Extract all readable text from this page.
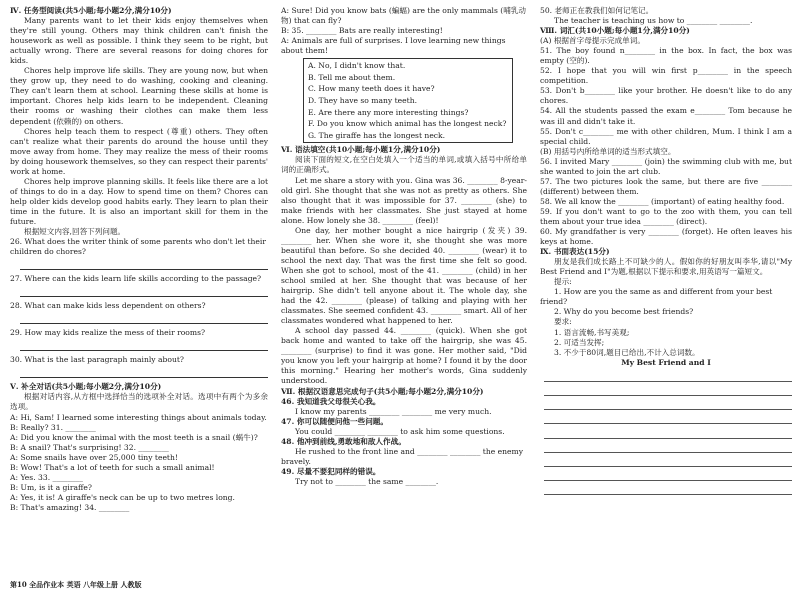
Ⅳ. 任务型阅读(共5小题;每小题2分,满分10分)

Many parents want to let their kids enjoy themselves when they're still young. Others may think children can't finish the housework as well as possible. I think they seem to be right, but actually wrong. There are several reasons for doing chores for kids.

Chores help improve life skills. They are young now, but when they grow up, they need to do washing, cooking and cleaning. They can't learn them at school. Learning these skills at home is important. Chores help kids learn to be independent. Cleaning their rooms or washing their clothes can make them less dependent (依赖的) on others.

Chores help teach them to respect (尊重) others. They often can't realize what their parents do around the house until they move away from home. They may realize the mess of their rooms by doing housework themselves, so they can respect their parents' work at home.

Chores help improve planning skills. It feels like there are a lot of things to do in a day. How to spend time on them? Chores can help older kids develop good habits early. They learn to plan their time in the future. It is also an important skill for them in the future.

根据短文内容,回答下列问题。

26. What does the writer think of some parents who don't let their children do chores?

27. Where can the kids learn life skills according to the passage?

28. What can make kids less dependent on others?

29. How may kids realize the mess of their rooms?

30. What is the last paragraph mainly about?

Ⅴ. 补全对话(共5小题;每小题2分,满分10分)

根据对话内容,从方框中选择恰当的选项补全对话。选项中有两个为多余选项。

A: Hi, Sam! I learned some interesting things about animals today.

B: Really? 31. ________

A: Did you know the animal with the most teeth is a snail (蜗牛)?

B: A snail? That's surprising! 32. ________

A: Some snails have over 25,000 tiny teeth!

B: Wow! That's a lot of teeth for such a small animal!

A: Yes. 33. ________

B: Um, is it a giraffe?

A: Yes, it is! A giraffe's neck can be up to two metres long.

B: That's amazing! 34. ________

A: Sure! Did you know bats (蝙蝠) are the only mammals (哺乳动物) that can fly?

B: 35. ________ Bats are really interesting!

A: Animals are full of surprises. I love learning new things about them!

A. No, I didn't know that.
B. Tell me about them.
C. How many teeth does it have?
D. They have so many teeth.
E. Are there any more interesting things?
F. Do you know which animal has the longest neck?
G. The giraffe has the longest neck.

Ⅵ. 语法填空(共10小题;每小题1分,满分10分)

阅读下面的短文,在空白处填入一个适当的单词,或填入括号中所给单词的正确形式。

Let me share a story with you. Gina was 36. ________ 8-year-old girl. She thought that she was not as pretty as others. She also thought that it was impossible for 37. ________ (she) to make friends with her classmates. She just stayed at home alone. How lonely she 38. ________ (feel)!

One day, her mother bought a nice hairgrip (发夹) 39. ________ her. When she wore it, she thought she was more beautiful than before. So she decided 40. ________ (wear) it to school the next day. That was the first time she felt so good. When she got to school, most of the 41. ________ (child) in her school smiled at her. She thought that was because of her hairgrip. She didn't tell anyone about it. The whole day, she had the 42. ________ (please) of talking and playing with her classmates. She seemed confident 43. ________ smart. All of her classmates wondered what happened to her.

A school day passed 44. ________ (quick). When she got back home and wanted to take off the hairgrip, she was 45. ________ (surprise) to find it was gone. Her mother said, "Did you know you left your hairgrip at home? I found it by the door this morning." Hearing her mother's words, Gina suddenly understood.

Ⅶ. 根据汉语意思完成句子(共5小题;每小题2分,满分10分)

46. 我知道我父母很关心我。

I know my parents ________ ________ me very much.

47. 你可以随便问他一些问题。

You could ________ ________ to ask him some questions.

48. 他冲到前线,勇敢地和敌人作战。

He rushed to the front line and ________ ________ the enemy bravely.

49. 尽量不要犯同样的错误。

Try not to ________ the same ________.

50. 老师正在教我们如何记笔记。

The teacher is teaching us how to ________ ________.

Ⅷ. 词汇(共10小题;每小题1分,满分10分)

(A) 根据首字母提示完成单词。

51. The boy found n________ in the box. In fact, the box was empty (空的).

52. I hope that you will win first p________ in the speech competition.

53. Don't b________ like your brother. He doesn't like to do any chores.

54. All the students passed the exam e________ Tom because he was ill and didn't take it.

55. Don't c________ me with other children, Mum. I think I am a special child.

(B) 用括号内所给单词的适当形式填空。

56. I invited Mary ________ (join) the swimming club with me, but she wanted to join the art club.

57. The two pictures look the same, but there are five ________ (different) between them.

58. We all know the ________ (important) of eating healthy food.

59. If you don't want to go to the zoo with them, you can tell them about your true idea ________ (direct).

60. My grandfather is very ________ (forget). He often leaves his keys at home.

Ⅸ. 书面表达(15分)

朋友是我们成长路上不可缺少的人。假如你的好朋友叫李华,请以"My Best Friend and I"为题,根据以下提示和要求,用英语写一篇短文。

提示:

1. How are you the same as and different from your best friend?

2. Why do you become best friends?

要求:

1. 语言流畅,书写美观;

2. 可适当发挥;

3. 不少于80词,题目已给出,不计入总词数。

My Best Friend and I

第10 全品作业本 英语 八年级上册 人教版
